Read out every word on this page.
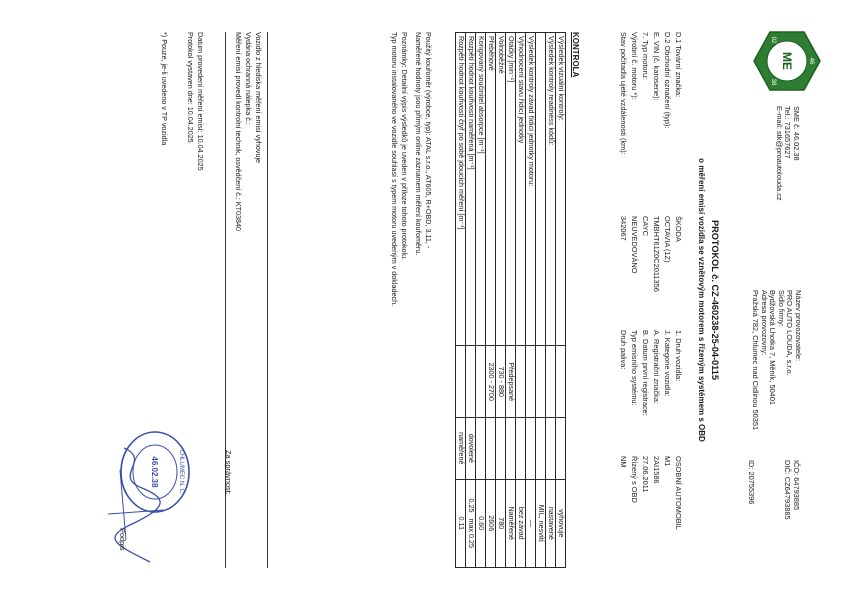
ME 46
02
38
SME č. 46.02.38
Tel.: 731657627
E-mail: stk@proautolouda.cz
Název provozovatele:
PRO AUTO LOUDA, s.r.o.
Sídlo firmy:
Bydžovská Lhotka 7, Měník, 50401
Adresa provozovny:
Pražská 782, Chlumec nad Cidlinou 50351
IČO: 64793885
DIČ: CZ64793885
ID: 20755396
PROTOKOL č. CZ-460238-25-04-0115
o měření emisí vozidla se vznětovým motorem s řízeným systémem s OBD
D.1 Tovární značka:
ŠKODA
D.2 Obchodní označení (typ):
OCTAVIA (1Z)
E. VIN (č. karoserie):
TMBHT61Z0C2011356
7. Typ motoru:
CAYC
Výrobní č. motoru *):
NEUVEDOVÁNO
Stav počítadla ujeté vzdálenosti (km):
342067
1. Druh vozidla:
OSOBNÍ AUTOMOBIL
J. Kategorie vozidla:
M1
A. Registrační značka:
2AI1586
B. Datum první registrace:
27.06.2011
Typ emisního systému:
Řízený s OBD
Druh paliva:
NM
KONTROLA
Výsledek vizuální kontroly:			vyhovuje
Výsledek kontroly readiness kódů:			nastavené
			MIL, nesvítí
Výsledek kontroly závad řídicí jednotky motoru:			—
Vyhodnocení stavu řídicí jednotky			bez závad
Otáčky [min⁻¹]	Předepsané		Naměřené
Volnoběžné	730 - 880		780
Přeběhové	2300 - 2700		2606
Korigovaný součinitel absorpce [m⁻¹]			0.60
Rozpětí hodnot kouřivosti naměřená [m⁻¹]		dovolené	0.25   max 0.25
Rozpětí hodnot kouřivosti čtyř po sobě jdoucích měření [m⁻¹]		naměřené	0.11
Použitý kouřoměr (výrobce, typ): ATAL s.r.o., AT605, R+OBD, 3.11, -
Naměřené hodnoty jsou přímým online záznamem měření kouřoměru.
Poznámky: Detailní výpis výsledků je uveden v příloze tohoto protokolu.
Typ motoru instalovaného ve vozidle souhlasí s typem motoru uvedeným v dokladech.
Vozidlo z hlediska měření emisí vyhovuje
Vydána ochranná nálepka č.:
Měření emisí provedl kontrolní technik, osvědčení č.: KT03840
Datum provedení měření emisí: 10.04.2025
Protokol vystaven dne: 10.04.2025
*) Pouze, je-li uvedeno v TP vozidla
Za správnost:
CHLUMEC N. C.
46.02.38
Podpis
